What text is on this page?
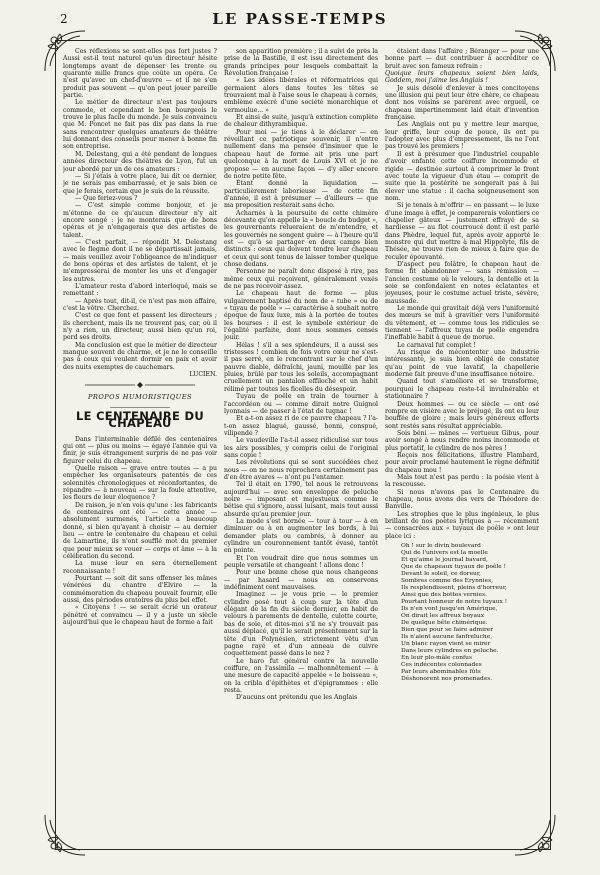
2	LE PASSE-TEMPS

Ces réflexions se sont-elles pas fort justes ? Aussi est-il tout naturel qu'un directeur hésite longtemps avant de dépenser les trente ou quarante mille francs que coûte un opéra. Ce n'est qu'avec un chef-d'œuvre — et il ne s'en produit pas souvent — qu'on peut jouer pareille partie.

Le métier de directeur n'est pas toujours commode, et cependant le bon bourgeois le trouve le plus facile du monde. Je suis convaincu que M. Poncet ne fait pas dix pas dans la rue sans rencontrer quelques amateurs de théâtre lui donnant des conseils pour mener à bonne fin son entreprise.

M. Delestang, qui a été pendant de longues années directeur des théâtres de Lyon, fut un jour abordé par un de ces amateurs :

— Si j'étais à votre place, lui dit ce dernier, je ne serais pas embarrassé, et je sais bien ce que je ferais, certain que je suis de la réussite.

— Que feriez-vous ?

— C'est simple comme bonjour, et je m'étonne de ce qu'aucun directeur n'y ait encore songé : je ne monterais que de bons opéras et je n'engagerais que des artistes de talent.

— C'est parfait, — répondit M. Delestang avec le flegme dont il ne se départissait jamais, — mais veuillez avoir l'obligeance de m'indiquer de bons opéras et des artistes de talent, et je m'empresserai de monter les uns et d'engager les autres.

L'amateur resta d'abord interloqué, mais se remettant :

— Après tout, dit-il, ce n'est pas mon affaire, c'est la vôtre. Cherchez.

C'est ce que font et passent les directeurs ; ils cherchent, mais ils ne trouvent pas, car, où il n'y a rien, un directeur, aussi bien qu'un roi, perd ses droits.

Ma conclusion est que le métier de directeur manque souvent de charme, et je ne le conseille pas à ceux qui veulent dormir en paix et avoir des nuits exemptes de cauchemars.

LUCIEN.

PROPOS HUMORISTIQUES
LE CENTENAIRE DU CHAPEAU

Dans l'interminable défilé des centenaires qui ont — plus ou moins — égayé l'année qui va finir, je suis étrangement surpris de ne pas voir figurer celui du chapeau.

Quelle raison — grave entre toutes — a pu empêcher les organisateurs patentés de ces solennités chronologiques et réconfortantes, de répandre — à nouveau — sur la foule attentive, les fleurs de leur éloquence ?

De raison, je n'en vois qu'une : les fabricants de centenaires ont été — cette année — absolument surmenés, l'article a beaucoup donné, si bien qu'ayant à choisir — au dernier lieu — entre le centenaire du chapeau et celui de Lamartine, ils n'ont soufflé mot du premier que pour mieux se vouer — corps et âme — à la célébration du second.

La muse leur en sera éternellement reconnaissante !

Pourtant — soit dit sans offenser les mânes vénérées du chantre d'Elvire — la commémoration du chapeau pouvait fournir, elle aussi, des périodes oratoires du plus bel effet.

« Citoyens ! — se serait écrié un orateur pénétré et convaincu — il y a juste un siècle aujourd'hui que le chapeau haut de forme a fait

son apparition première ; il a suivi de près la prise de la Bastille, il est issu directement des grands principes pour lesquels combattait la Révolution française !

« Les idées libérales et réformatrices qui germaient alors dans toutes les têtes se trouvaient mal à l'aise sous le chapeau à cornes, emblème exécré d'une société monarchique et vermoulue... »

Et ainsi de suite, jusqu'à extinction complète de chaleur dithyrambique.

Pour moi — je tiens à le déclarer — en réveillant ce patriotique souvenir, il n'entre nullement dans ma pensée d'insinuer que le chapeau haut de forme ait pris une part quelconque à la mort de Louis XVI et je ne propose — en aucune façon — d'y aller encore de notre petite fête.

Étant donné la liquidation — particulièrement laborieuse — de cette fin d'année, il est à présumer — d'ailleurs — que ma proposition resterait sans écho.

Acharnés à la poursuite de cette chimère décevante qu'on appelle la « boucle du budget », les gouvernants relueraient de m'entendre, et les gouvernés ne songent guère — à l'heure qu'il est — qu'à se partager en deux camps bien distincts : ceux qui doivent tendre leur chapeau et ceux qui sont tenus de laisser tomber quelque chose dedans.

Personne ne paraît donc disposé à rire, pas même ceux qui reçoivent, généralement vexés de ne pas recevoir assez.

Le chapeau haut de forme — plus vulgairement baptisé du nom de « tube » ou de « tuyau de poêle » — caractérise à souhait notre époque de faux luxe, mis à la portée de toutes les bourses : il est le symbole extérieur de l'égalité parfaite, dont nous sommes censés jouir.

Hélas ! s'il a ses splendeurs, il a aussi ses tristesses ! combien de fois votre cœur ne s'est-il pas serré, en le rencontrant sur le chef d'un pauvre diable, défraîchi, jauni, mouillé par les pluies, brûlé par tous les soleils, accompagnant cruellement un pantalon effiloché et un habit rélimé par toutes les ficelles du désespoir.

Tuyau de poêle en train de tourner à l'accordéon ou — comme dirait notre Guignol lyonnais — de passer à l'état de tugnac !

Et a-t-on assez ri de ce pauvre chapeau ? l'a-t-on assez blagué, gaussé, honni, conspué, vilipendé ?

Le vaudeville l'a-t-il assez ridiculisé sur tous les airs possibles, y compris celui de l'original sans copie !

Les révolutions qui se sont succédées chez nous — on ne nous reprochera certainement pas d'en être avares — n'ont pu l'entamer.

Tel il était en 1790, tel nous le retrouvons aujourd'hui — avec son enveloppe de peluche noire — imposant et majestueux comme le bêtise qui s'ignore, aussi luisant, mais tout aussi absurde qu'au premier jour.

La mode s'est bornée — tour à tour — à en diminuer ou à en augmenter les bords, à lui demander plats ou cambrés, à donner au cylindre un couronnement tantôt évasé, tantôt en pointe.

Et l'on voudrait dire que nous sommes un peuple versatile et changeant ! allons donc !

Pour une bonne chose que nous changeons — par hasard — nous en conservons indéfiniment cent mauvaises.

Imaginez — je vous prie — le premier cylindre posé tout à coup sur la tête d'un élégant de la fin du siècle dernier, en habit de velours à parements de dentelle, culotte courte, bas de soie, et dites-moi s'il ne s'y trouvait pas aussi déplacé, qu'il le serait présentement sur la tête d'un Polynésien, strictement vêtu d'un pagne rayé et d'un anneau de cuivre coquettement passé dans le nez ?

Le haro fut général contre la nouvelle coiffure, on l'assimila — malhonnêtement — à une mesure de capacité appelée « le boisseau », on la cribla d'épithètes et d'épigrammes : elle resta.

D'aucuns ont prétendu que les Anglais

étaient dans l'affaire ; Béranger — pour une bonne part — dut contribuer à accréditer ce bruit avec son fameux refrain :

Quoique leurs chapeaux soient bien laids, Goddem, moi j'aime les Anglais !

Je suis désolé d'enlever à mes concitoyens une illusion qui peut leur être chère, ce chapeau dont nos voisins se parèrent avec orgueil, ce chapeau impertinemment laid était d'invention française.

Les Anglais ont pu y mettre leur marque, leur griffe, leur coup de pouce, ils ont pu l'adopter avec plus d'empressement, ils ne l'ont pas trouvé les premiers !

Il est à présumer que l'industriel coupable d'avoir enfanté cette coiffure incommode et rigide — destinée surtout à comprimer le front avec toute la vigueur d'un étau — comprit de suite que la postérité ne songerait pas à lui élever une statue : il cacha soigneusement son nom.

Si je tenais à m'offrir — en passant — le luxe d'une image à effet, je comparerais volontiers ce chapelier gâteux — justement effrayé de sa hardiesse — au flot courroucé dont il est parlé dans Phèdre, lequel fut, après avoir apporté le monstre qui dut mettre à mal Hippolyte, fils de Thésée, ne trouve rien de mieux à faire que de reculer épouvanté.

D'aspect peu folâtre, le chapeau haut de forme fit abandonner — sans rémission — l'ancien costume où le velours, la dentelle et la soie se confondaient en notes éclatantes et joyeuses, pour le costume actuel triste, sévère, maussade.

Le monde qui gravitait déjà vers l'uniformité des mœurs se mit à gravitier vers l'uniformité du vêtement, et — comme tous les ridicules se tiennent — l'affreux tuyau de poêle engendra l'ineffable habit à queue de morue.

Le carnaval fut complet !

Au risque de mécontenter une industrie intéressante, je suis bien obligé de constater qu'au point de vue lavatif, la chapellerie moderne fait preuve d'une insuffisance notoire.

Quand tout s'améliore et se transforme, pourquoi le chapeau reste-t-il invulnérable et stationnaire ?

Deux hommes — ou ce siècle — ont osé rompre en visière avec le préjugé, ils ont eu leur bouffée de gloire ; mais leurs généreux efforts sont restés sans résultat appréciable.

Sois béni — mânes — vertueux Gibus, pour avoir songé à nous rendre moins incommode et plus portatif, le cylindre de nos pères !

Reçois nos félicitations, illustre Flambard, pour avoir proclamé hautement le règne définitif du chapeau mou !

Mais tout n'est pas perdu : la poésie vient à la rescousse.

Si nous n'avons pas le Centenaire du chapeau, nous avons des vers de Théodore de Banville.

Les strophes que le plus ingénieux, le plus brillant de nos poètes lyriques a — récemment — consacrées aux « tuyaux de poêle » ont leur place ici :

Oh ! sur le divin boulevard
Qui de l'univers est la moelle
Et qu'aime le journal bavard,
Que de chapeaux tuyaux de poêle !
Devant le soleil, ce doreur,
Sombres comme des Erynnies,
Ils resplendissent, pleins d'horreur,
Ainsi que des bottes vernies.
Pourtant honneur de notre tuyaux !
Ils n'en vont jusqu'en Amérique,
On dirait les affreux boyaux
De quelque bête chimérique.
Bien que pour se faire admirer
Ils n'aient aucune fanfreluche,
Un blanc rayon vient se mirer
Dans leurs cylindres en peluche.
En leur plo-mâle confus
Ces indécentes colonnades
Par leurs abominables fûts
Déshonorent nos promenades.
